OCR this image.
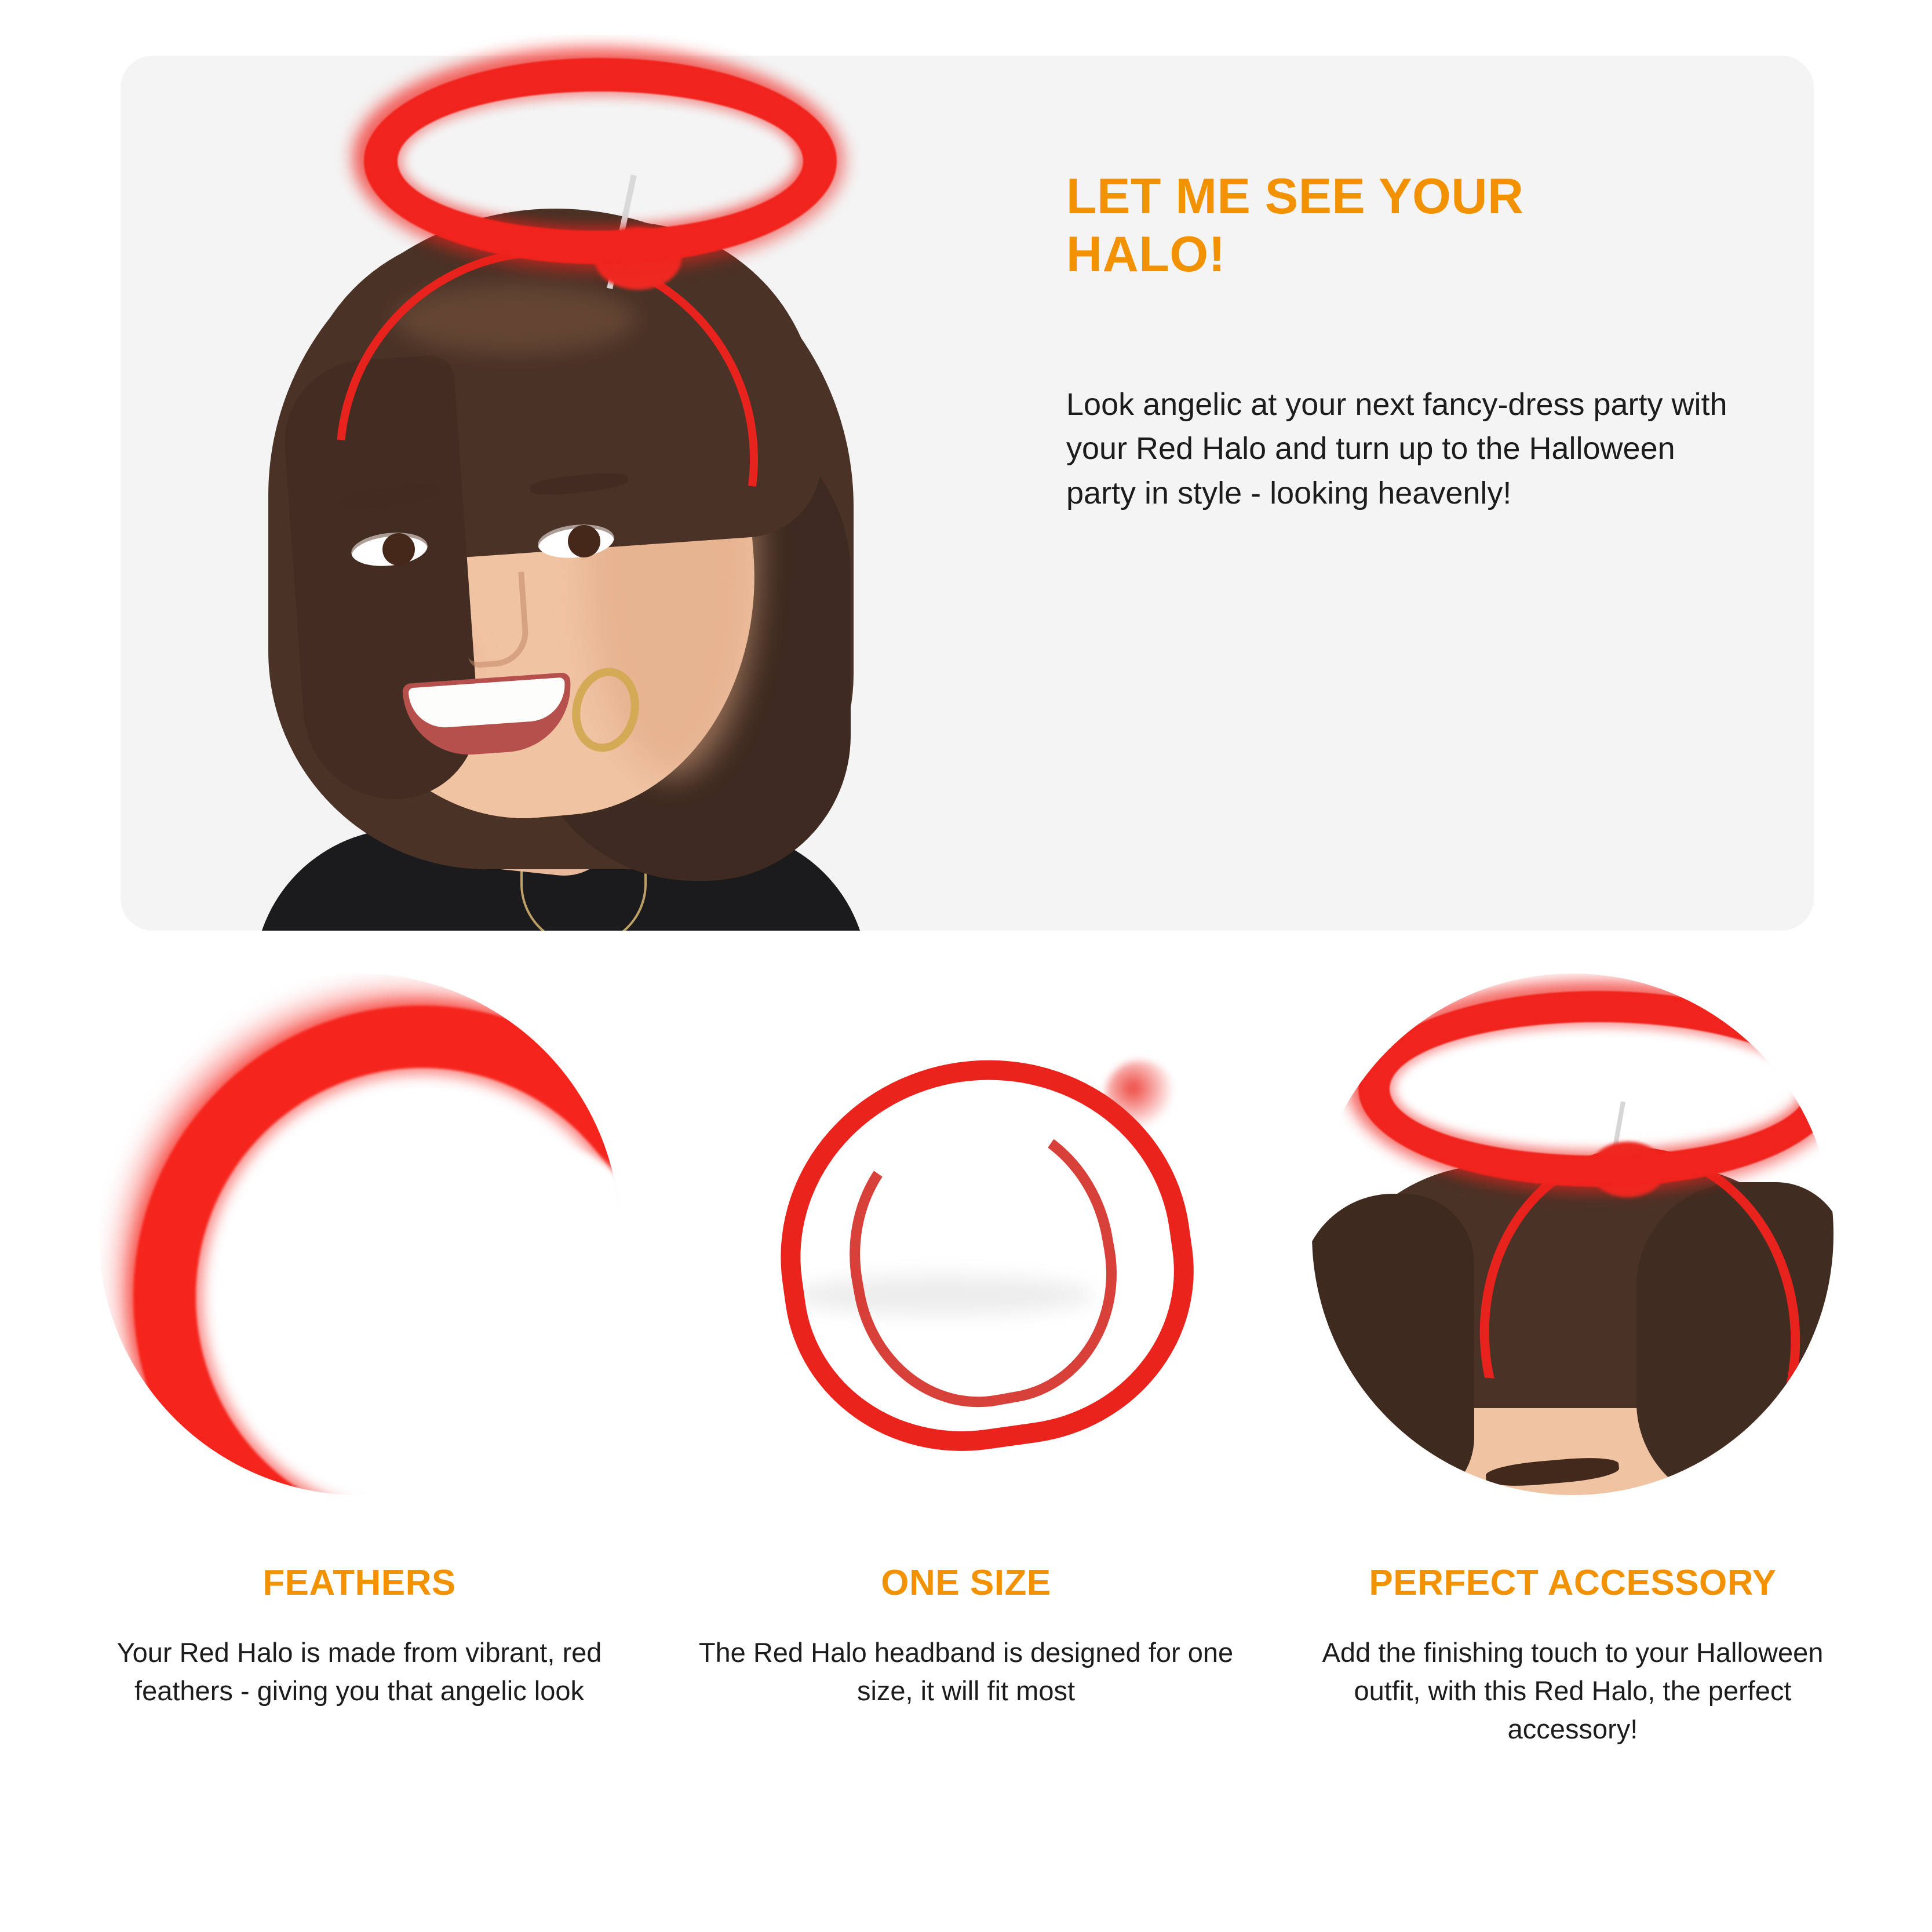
LET ME SEE YOUR HALO!

Look angelic at your next fancy-dress party with your Red Halo and turn up to the Halloween party in style - looking heavenly!

FEATHERS

Your Red Halo is made from vibrant, red feathers - giving you that angelic look

ONE SIZE

The Red Halo headband is designed for one size, it will fit most

PERFECT ACCESSORY

Add the finishing touch to your Halloween outfit, with this Red Halo, the perfect accessory!
